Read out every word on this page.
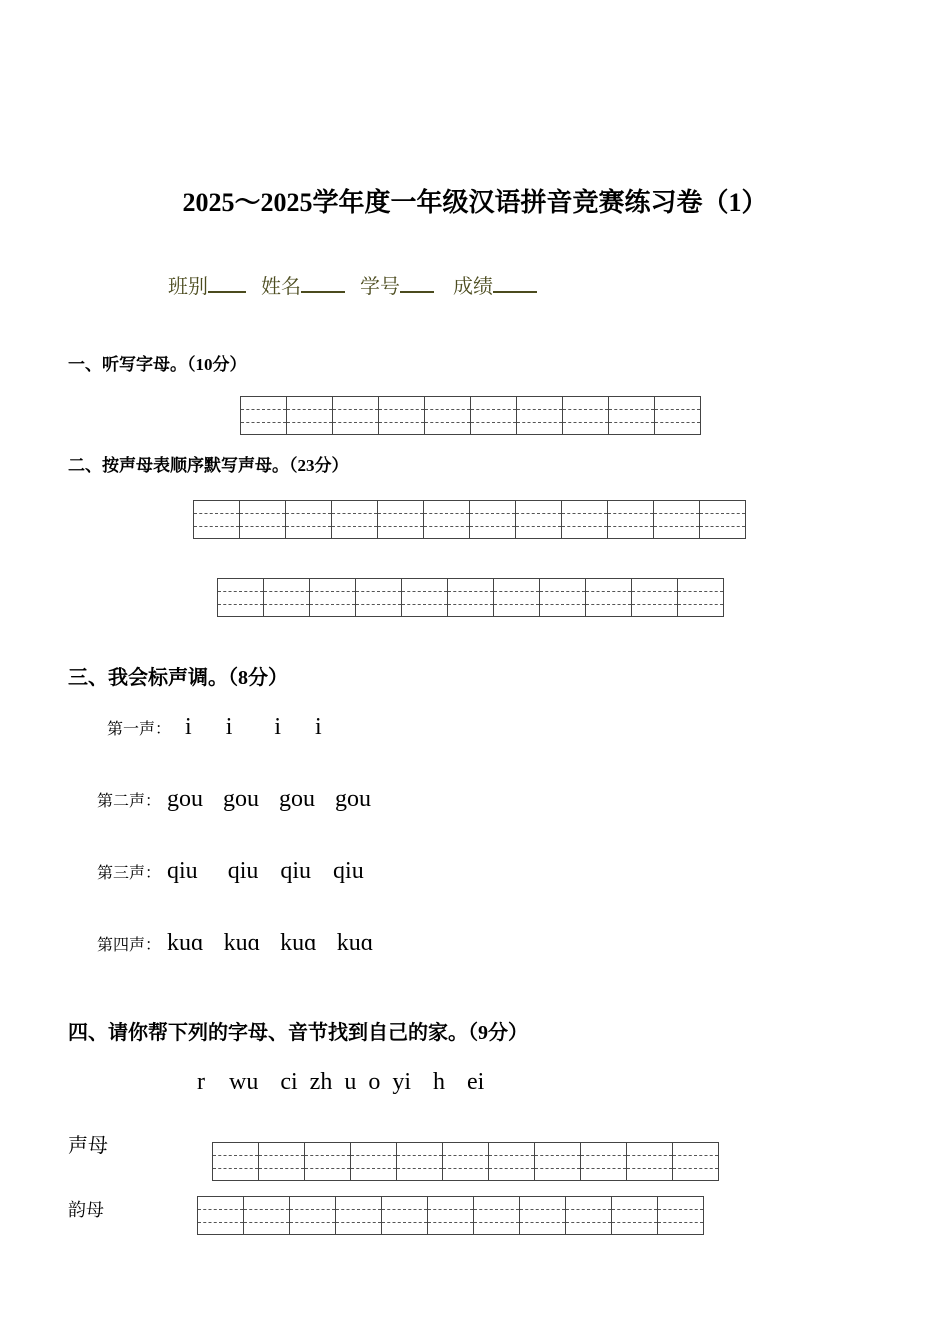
2025～2025学年度一年级汉语拼音竞赛练习卷（1）
班别	姓名	学号	成绩
一、听写字母。（10分）
二、按声母表顺序默写声母。（23分）
三、我会标声调。（8分）
第一声： i i i i
第二声： gou gou gou gou
第三声： qiu qiu qiu qiu
第四声： kuɑ kuɑ kuɑ kuɑ
四、请你帮下列的字母、音节找到自己的家。（9分）
r wu ci zh u o yi h ei
声母
韵母
